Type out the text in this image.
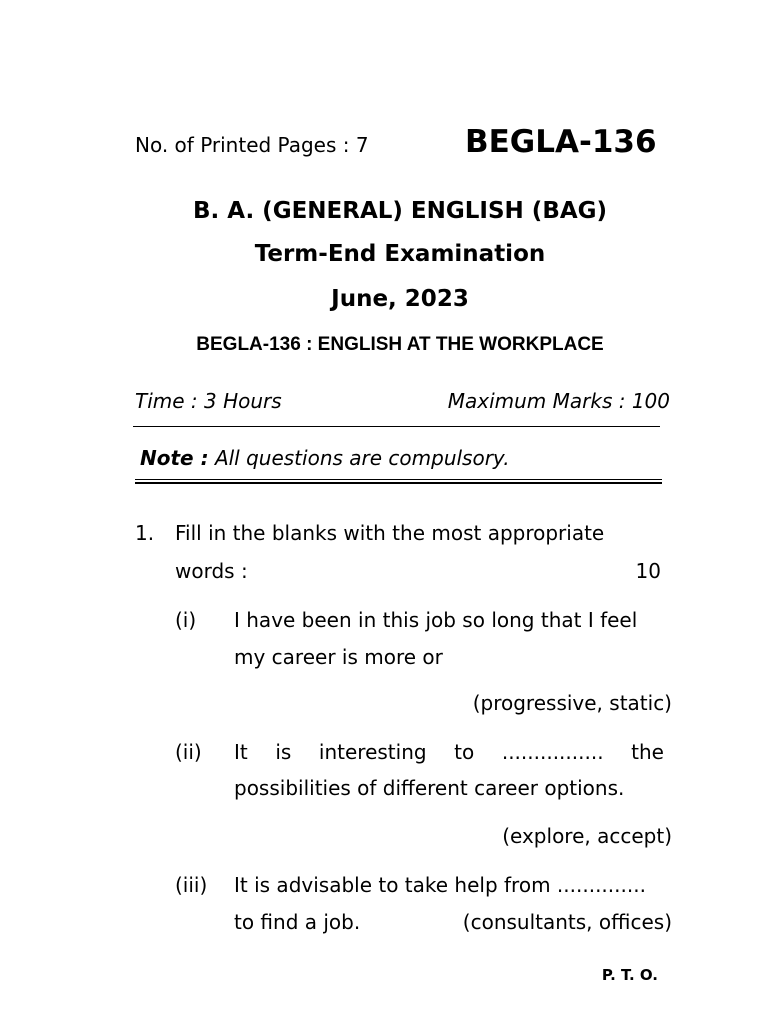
No. of Printed Pages : 7	BEGLA-136
B. A. (GENERAL) ENGLISH (BAG)
Term-End Examination
June, 2023
BEGLA-136 : ENGLISH AT THE WORKPLACE
Time : 3 Hours	Maximum Marks : 100
Note : All questions are compulsory.
1. Fill in the blanks with the most appropriate
words :	10
(i) I have been in this job so long that I feel
my career is more or
(progressive, static)
(ii) It is interesting to ................ the
possibilities of different career options.
(explore, accept)
(iii) It is advisable to take help from ..............
to find a job.	(consultants, offices)
P. T. O.
